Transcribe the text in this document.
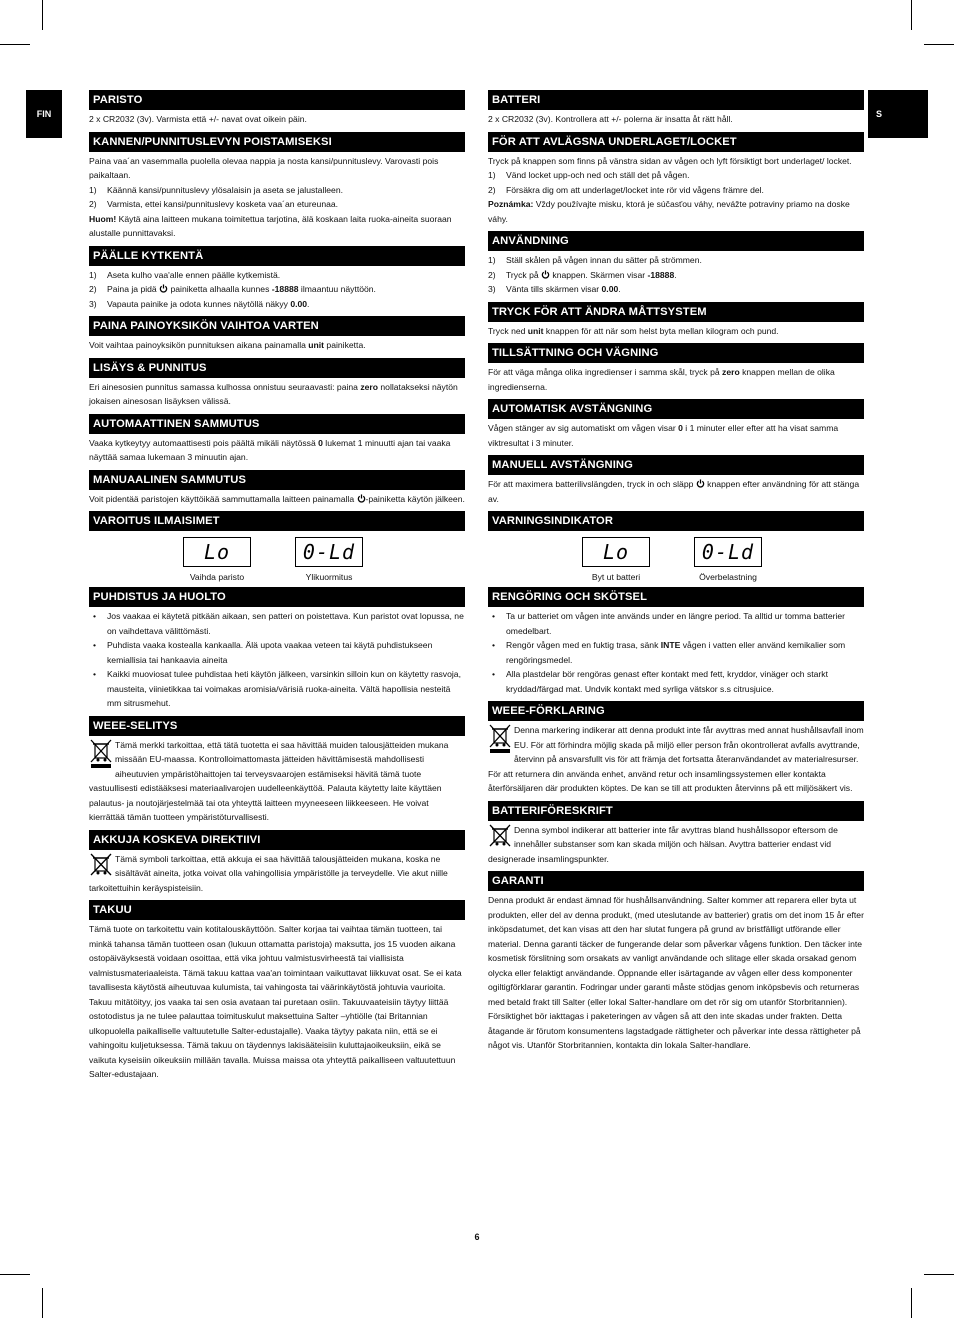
FIN	S
PARISTO

2 x CR2032 (3v). Varmista että +/- navat ovat oikein päin.

KANNEN/PUNNITUSLEVYN POISTAMISEKSI

Paina vaa´an vasemmalla puolella olevaa nappia ja nosta kansi/punnituslevy. Varovasti pois paikaltaan.

1)	Käännä kansi/punnituslevy ylösalaisin ja aseta se jalustalleen.
2)	Varmista, ettei kansi/punnituslevy kosketa vaa´an etureunaa.

Huom! Käytä aina laitteen mukana toimitettua tarjotina, älä koskaan laita ruoka-aineita suoraan alustalle punnittavaksi.

PÄÄLLE KYTKENTÄ
1)	Aseta kulho vaa'alle ennen päälle kytkemistä.
2)	Paina ja pidä  painiketta alhaalla kunnes -18888 ilmaantuu näyttöön.
3)	Vapauta painike ja odota kunnes näytöllä näkyy 0.00.
PAINA PAINOYKSIKÖN VAIHTOA VARTEN

Voit vaihtaa painoyksikön punnituksen aikana painamalla unit painiketta.

LISÄYS & PUNNITUS

Eri ainesosien punnitus samassa kulhossa onnistuu seuraavasti: paina zero nollatakseksi näytön jokaisen ainesosan lisäyksen välissä.

AUTOMAATTINEN SAMMUTUS

Vaaka kytkeytyy automaattisesti pois päältä mikäli näytössä 0 lukemat 1 minuutti ajan tai vaaka näyttää samaa lukemaan 3 minuutin ajan.

MANUAALINEN SAMMUTUS

Voit pidentää paristojen käyttöikää sammuttamalla laitteen painamalla -painiketta käytön jälkeen.

VAROITUS ILMAISIMET
Lo
Vaihda paristo
0-Ld
Ylikuormitus
PUHDISTUS JA HUOLTO
•	Jos vaakaa ei käytetä pitkään aikaan, sen patteri on poistettava. Kun paristot ovat lopussa, ne on vaihdettava välittömästi.
•	Puhdista vaaka kostealla kankaalla. Älä upota vaakaa veteen tai käytä puhdistukseen kemiallisia tai hankaavia aineita
•	Kaikki muoviosat tulee puhdistaa heti käytön jälkeen, varsinkin silloin kun on käytetty rasvoja, mausteita, viinietikkaa tai voimakas aromisia/värisiä ruoka-aineita. Vältä hapollisia nesteitä mm sitrusmehut.
WEEE-SELITYS

Tämä merkki tarkoittaa, että tätä tuotetta ei saa hävittää muiden talousjätteiden mukana missään EU-maassa. Kontrolloimattomasta jätteiden hävittämisestä mahdollisesti aiheutuvien ympäristöhaittojen tai terveysvaarojen estämiseksi hävitä tämä tuote vastuullisesti edistääksesi materiaalivarojen uudelleenkäyttöä. Palauta käytetty laite käyttäen palautus- ja noutojärjestelmää tai ota yhteyttä laitteen myyneeseen liikkeeseen. He voivat kierrättää tämän tuotteen ympäristöturvallisesti.

AKKUJA KOSKEVA DIREKTIIVI

Tämä symboli tarkoittaa, että akkuja ei saa hävittää talousjätteiden mukana, koska ne sisältävät aineita, jotka voivat olla vahingollisia ympäristölle ja terveydelle. Vie akut niille tarkoitettuihin keräyspisteisiin.

TAKUU

Tämä tuote on tarkoitettu vain kotitalouskäyttöön. Salter korjaa tai vaihtaa tämän tuotteen, tai minkä tahansa tämän tuotteen osan (lukuun ottamatta paristoja) maksutta, jos 15 vuoden aikana ostopäiväyksestä voidaan osoittaa, että vika johtuu valmistusvirheestä tai viallisista valmistusmateriaaleista. Tämä takuu kattaa vaa'an toimintaan vaikuttavat liikkuvat osat. Se ei kata tavallisesta käytöstä aiheutuvaa kulumista, tai vahingosta tai väärinkäytöstä johtuvia vaurioita. Takuu mitätöityy, jos vaaka tai sen osia avataan tai puretaan osiin. Takuuvaateisiin täytyy liittää ostotodistus ja ne tulee palauttaa toimituskulut maksettuina Salter –yhtiölle (tai Britannian ulkopuolella paikalliselle valtuutetulle Salter-edustajalle). Vaaka täytyy pakata niin, että se ei vahingoitu kuljetuksessa. Tämä takuu on täydennys lakisääteisiin kuluttajaoikeuksiin, eikä se vaikuta kyseisiin oikeuksiin millään tavalla. Muissa maissa ota yhteyttä paikalliseen valtuutettuun Salter-edustajaan.

BATTERI

2 x CR2032 (3v). Kontrollera att +/- polerna är insatta åt rätt håll.

FÖR ATT AVLÄGSNA UNDERLAGET/LOCKET

Tryck på knappen som finns på vänstra sidan av vågen och lyft försiktigt bort underlaget/ locket.

1)	Vänd locket upp-och ned och ställ det på vågen.
2)	Försäkra dig om att underlaget/locket inte rör vid vågens främre del.

Poznámka: Vždy používajte misku, ktorá je súčasťou váhy, nevážte potraviny priamo na doske váhy.

ANVÄNDNING
1)	Ställ skålen på vågen innan du sätter på strömmen.
2)	Tryck på  knappen. Skärmen visar -18888.
3)	Vänta tills skärmen visar 0.00.
TRYCK FÖR ATT ÄNDRA MÅTTSYSTEM

Tryck ned unit knappen för att när som helst byta mellan kilogram och pund.

TILLSÄTTNING OCH VÄGNING

För att väga många olika ingredienser i samma skål, tryck på zero knappen mellan de olika ingredienserna.

AUTOMATISK AVSTÄNGNING

Vågen stänger av sig automatiskt om vågen visar 0 i 1 minuter eller efter att ha visat samma viktresultat i 3 minuter.

MANUELL AVSTÄNGNING

För att maximera batterilivslängden, tryck in och släpp  knappen efter användning för att stänga av.

VARNINGSINDIKATOR
Lo
Byt ut batteri
0-Ld
Överbelastning
RENGÖRING OCH SKÖTSEL
•	Ta ur batteriet om vågen inte används under en längre period. Ta alltid ur tomma batterier omedelbart.
•	Rengör vågen med en fuktig trasa, sänk INTE vågen i vatten eller använd kemikalier som rengöringsmedel.
•	Alla plastdelar bör rengöras genast efter kontakt med fett, kryddor, vinäger och starkt kryddad/färgad mat. Undvik kontakt med syrliga vätskor s.s citrusjuice.
WEEE-FÖRKLARING

Denna markering indikerar att denna produkt inte får avyttras med annat hushållsavfall inom EU. För att förhindra möjlig skada på miljö eller person från okontrollerat avfalls avyttrande, återvinn på ansvarsfullt vis för att främja det fortsatta återanvändandet av materialresurser. För att returnera din använda enhet, använd retur och insamlingssystemen eller kontakta återförsäljaren där produkten köptes. De kan se till att produkten återvinns på ett miljösäkert vis.

BATTERIFÖRESKRIFT

Denna symbol indikerar att batterier inte får avyttras bland hushållssopor eftersom de innehåller substanser som kan skada miljön och hälsan. Avyttra batterier endast vid designerade insamlingspunkter.

GARANTI

Denna produkt är endast ämnad för hushållsanvändning. Salter kommer att reparera eller byta ut produkten, eller del av denna produkt, (med uteslutande av batterier) gratis om det inom 15 år efter inköpsdatumet, det kan visas att den har slutat fungera på grund av bristfälligt utförande eller material. Denna garanti täcker de fungerande delar som påverkar vågens funktion. Den täcker inte kosmetisk förslitning som orsakats av vanligt användande och slitage eller skada orsakad genom olycka eller felaktigt användande. Öppnande eller isärtagande av vågen eller dess komponenter ogiltigförklarar garantin. Fodringar under garanti måste stödjas genom inköpsbevis och returneras med betald frakt till Salter (eller lokal Salter-handlare om det rör sig om utanför Storbritannien). Försiktighet bör iakttagas i paketeringen av vågen så att den inte skadas under frakten. Detta åtagande är förutom konsumentens lagstadgade rättigheter och påverkar inte dessa rättigheter på något vis. Utanför Storbritannien, kontakta din lokala Salter-handlare.

6
